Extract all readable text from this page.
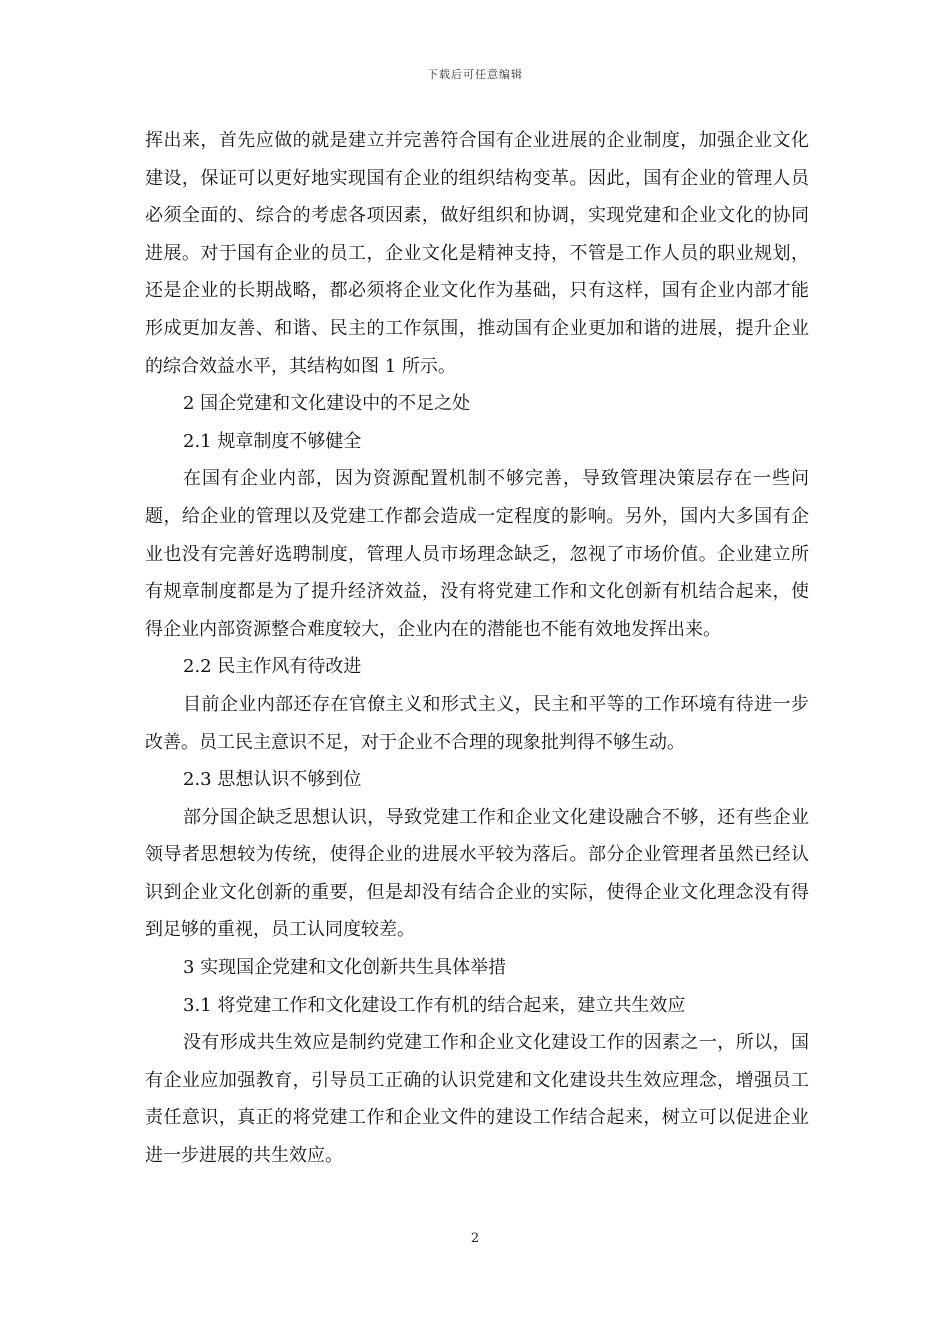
下载后可任意编辑

挥出来，首先应做的就是建立并完善符合国有企业进展的企业制度，加强企业文化建设，保证可以更好地实现国有企业的组织结构变革。因此，国有企业的管理人员必须全面的、综合的考虑各项因素，做好组织和协调，实现党建和企业文化的协同进展。对于国有企业的员工，企业文化是精神支持，不管是工作人员的职业规划，还是企业的长期战略，都必须将企业文化作为基础，只有这样，国有企业内部才能形成更加友善、和谐、民主的工作氛围，推动国有企业更加和谐的进展，提升企业的综合效益水平，其结构如图 1 所示。

2 国企党建和文化建设中的不足之处

2.1 规章制度不够健全

在国有企业内部，因为资源配置机制不够完善，导致管理决策层存在一些问题，给企业的管理以及党建工作都会造成一定程度的影响。另外，国内大多国有企业也没有完善好选聘制度，管理人员市场理念缺乏，忽视了市场价值。企业建立所有规章制度都是为了提升经济效益，没有将党建工作和文化创新有机结合起来，使得企业内部资源整合难度较大，企业内在的潜能也不能有效地发挥出来。

2.2 民主作风有待改进

目前企业内部还存在官僚主义和形式主义，民主和平等的工作环境有待进一步改善。员工民主意识不足，对于企业不合理的现象批判得不够生动。

2.3 思想认识不够到位

部分国企缺乏思想认识，导致党建工作和企业文化建设融合不够，还有些企业领导者思想较为传统，使得企业的进展水平较为落后。部分企业管理者虽然已经认识到企业文化创新的重要，但是却没有结合企业的实际，使得企业文化理念没有得到足够的重视，员工认同度较差。

3 实现国企党建和文化创新共生具体举措

3.1 将党建工作和文化建设工作有机的结合起来，建立共生效应

没有形成共生效应是制约党建工作和企业文化建设工作的因素之一，所以，国有企业应加强教育，引导员工正确的认识党建和文化建设共生效应理念，增强员工责任意识，真正的将党建工作和企业文件的建设工作结合起来，树立可以促进企业进一步进展的共生效应。

2
